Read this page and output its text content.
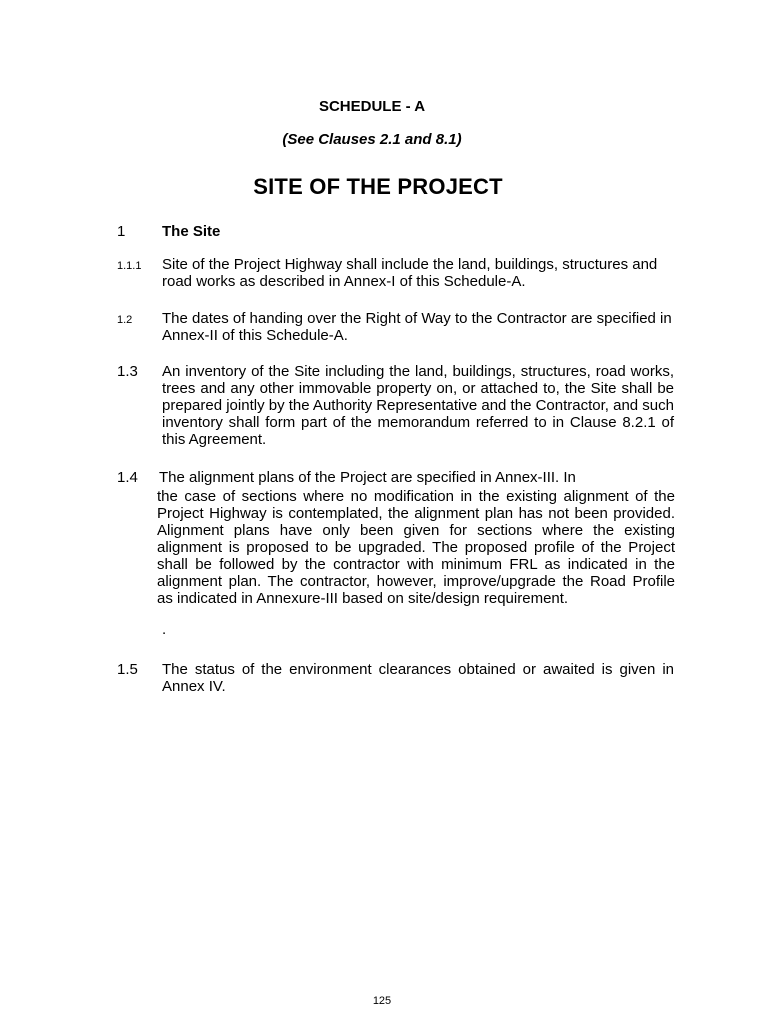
SCHEDULE - A
(See Clauses 2.1 and 8.1)
SITE OF THE PROJECT
1 The Site
1.1.1 Site of the Project Highway shall include the land, buildings, structures and road works as described in Annex-I of this Schedule-A.
1.2 The dates of handing over the Right of Way to the Contractor are specified in Annex-II of this Schedule-A.
1.3 An inventory of the Site including the land, buildings, structures, road works, trees and any other immovable property on, or attached to, the Site shall be prepared jointly by the Authority Representative and the Contractor, and such inventory shall form part of the memorandum referred to in Clause 8.2.1 of this Agreement.
1.4 The alignment plans of the Project are specified in Annex-III. In
the case of sections where no modification in the existing alignment of the Project Highway is contemplated, the alignment plan has not been provided. Alignment plans have only been given for sections where the existing alignment is proposed to be upgraded. The proposed profile of the Project shall be followed by the contractor with minimum FRL as indicated in the alignment plan. The contractor, however, improve/upgrade the Road Profile as indicated in Annexure-III based on site/design requirement.
.
1.5 The status of the environment clearances obtained or awaited is given in Annex IV.
125
